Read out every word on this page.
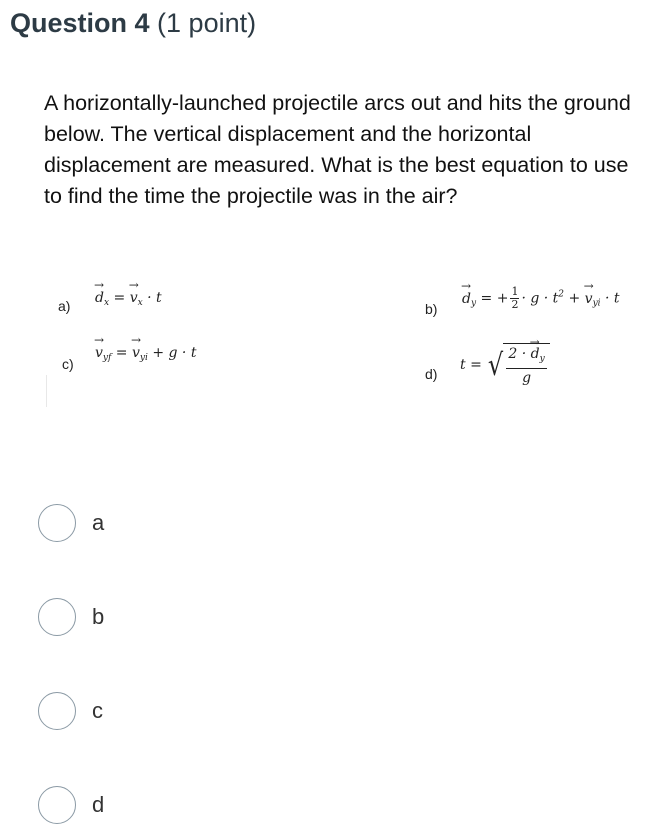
Question 4 (1 point)
A horizontally-launched projectile arcs out and hits the ground below. The vertical displacement and the horizontal displacement are measured. What is the best equation to use to find the time the projectile was in the air?
a)
→ $d_x$ = → $v_x \cdot t$
b)
→ $d_y$ = + $\frac{1}{2} \cdot g \cdot t^2$ + → $v_{yi} \cdot t$
c)
→ $v_{yf}$ = → $v_{yi} + g \cdot t$
d)
t = √ 2 · → $d_y$
g
a
b
c
d
